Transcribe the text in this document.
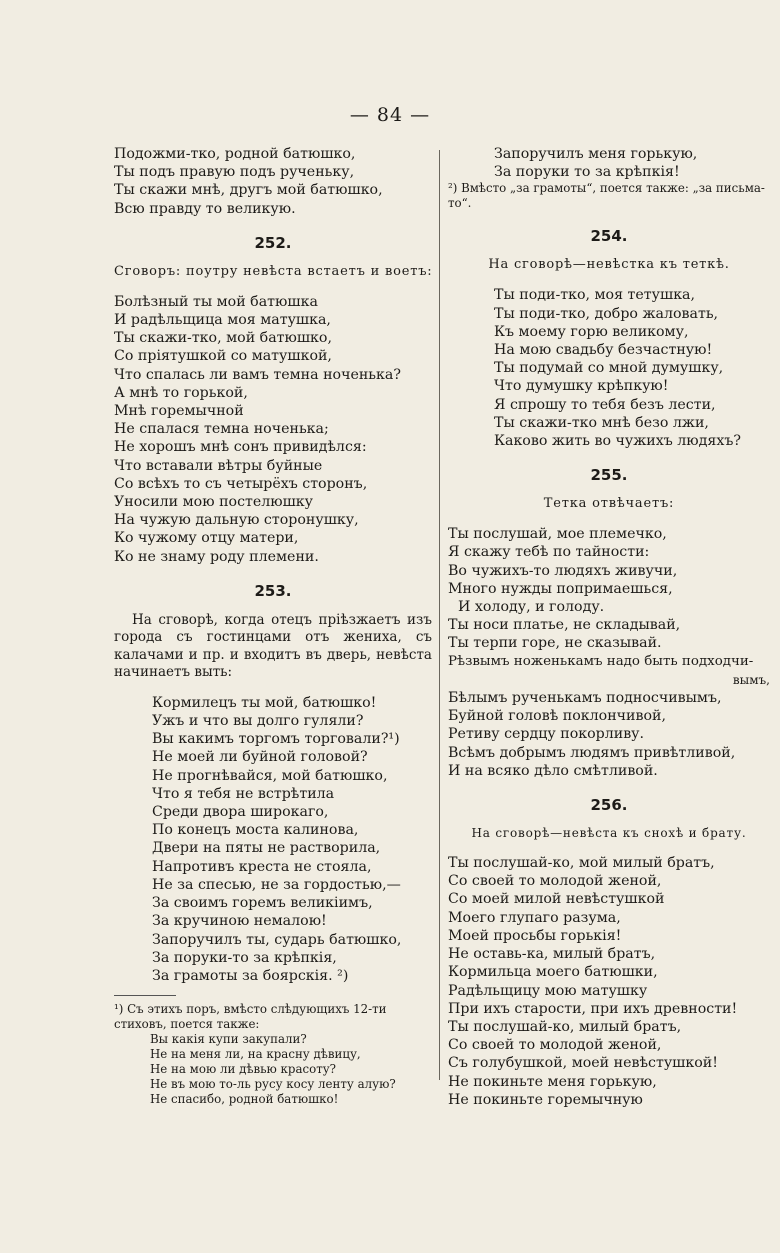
— 84 —
Подожми-тко, родной батюшко,
Ты подъ правую подъ рученьку,
Ты скажи мнѣ, другъ мой батюшко,
Всю правду то великую.
252.
Сговоръ: поутру невѣста встаетъ и воетъ:
Болѣзный ты мой батюшка
И радѣльщица моя матушка,
Ты скажи-тко, мой батюшко,
Со пріятушкой со матушкой,
Что спалась ли вамъ темна ноченька?
А мнѣ то горькой,
Мнѣ горемычной
Не спалася темна ноченька;
Не хорошъ мнѣ сонъ привидѣлся:
Что вставали вѣтры буйные
Со всѣхъ то съ четырёхъ сторонъ,
Уносили мою постелюшку
На чужую дальную сторонушку,
Ко чужому отцу матери,
Ко не знаму роду племени.
253.
На сговорѣ, когда отецъ пріѣзжаетъ изъ города съ гостинцами отъ жениха, съ калачами и пр. и входитъ въ дверь, невѣста начинаетъ выть:
Кормилецъ ты мой, батюшко!
Ужъ и что вы долго гуляли?
Вы какимъ торгомъ торговали?¹)
Не моей ли буйной головой?
Не прогнѣвайся, мой батюшко,
Что я тебя не встрѣтила
Среди двора широкаго,
По конецъ моста калинова,
Двери на пяты не растворила,
Напротивъ креста не стояла,
Не за спесью, не за гордостью,—
За своимъ горемъ великіимъ,
За кручиною немалою!
Запоручилъ ты, сударь батюшко,
За поруки-то за крѣпкія,
За грамоты за боярскія. ²)
¹) Съ этихъ поръ, вмѣсто слѣдующихъ 12-ти стиховъ, поется также:
Вы какія купи закупали?
Не на меня ли, на красну дѣвицу,
Не на мою ли дѣвью красоту?
Не въ мою то-ль русу косу ленту алую?
Не спасибо, родной батюшко!
Запоручилъ меня горькую,
За поруки то за крѣпкія!
²) Вмѣсто „за грамоты“, поется также: „за письма-то“.
254.
На сговорѣ—невѣстка къ теткѣ.
Ты поди-тко, моя тетушка,
Ты поди-тко, добро жаловать,
Къ моему горю великому,
На мою свадьбу безчастную!
Ты подумай со мной думушку,
Что думушку крѣпкую!
Я спрошу то тебя безъ лести,
Ты скажи-тко мнѣ безо лжи,
Каково жить во чужихъ людяхъ?
255.
Тетка отвѣчаетъ:
Ты послушай, мое племечко,
Я скажу тебѣ по тайности:
Во чужихъ-то людяхъ живучи,
Много нужды попримаешься,
И холоду, и голоду.
Ты носи платье, не складывай,
Ты терпи горе, не сказывай.
Рѣзвымъ ноженькамъ надо быть подходчи-
вымъ,
Бѣлымъ рученькамъ подносчивымъ,
Буйной головѣ поклончивой,
Ретиву сердцу покорливу.
Всѣмъ добрымъ людямъ привѣтливой,
И на всяко дѣло смѣтливой.
256.
На сговорѣ—невѣста къ снохѣ и брату.
Ты послушай-ко, мой милый братъ,
Со своей то молодой женой,
Со моей милой невѣстушкой
Моего глупаго разума,
Моей просьбы горькія!
Не оставь-ка, милый братъ,
Кормильца моего батюшки,
Радѣльщицу мою матушку
При ихъ старости, при ихъ древности!
Ты послушай-ко, милый братъ,
Со своей то молодой женой,
Съ голубушкой, моей невѣстушкой!
Не покиньте меня горькую,
Не покиньте горемычную
